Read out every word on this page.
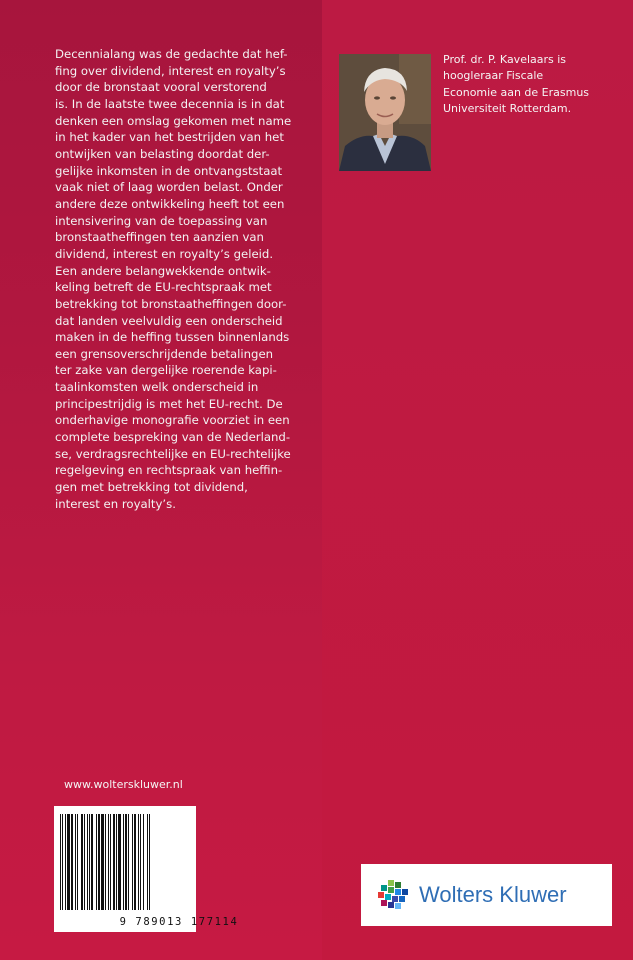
Decennialang was de gedachte dat hef-
fing over dividend, interest en royalty’s
door de bronstaat vooral verstorend
is. In de laatste twee decennia is in dat
denken een omslag gekomen met name
in het kader van het bestrijden van het
ontwijken van belasting doordat der-
gelijke inkomsten in de ontvangststaat
vaak niet of laag worden belast. Onder
andere deze ontwikkeling heeft tot een
intensivering van de toepassing van
bronstaatheffingen ten aanzien van
dividend, interest en royalty’s geleid.
Een andere belangwekkende ontwik-
keling betreft de EU-rechtspraak met
betrekking tot bronstaatheffingen door-
dat landen veelvuldig een onderscheid
maken in de heffing tussen binnenlands
een grensoverschrijdende betalingen
ter zake van dergelijke roerende kapi-
taalinkomsten welk onderscheid in
principestrijdig is met het EU-recht. De
onderhavige monografie voorziet in een
complete bespreking van de Nederland-
se, verdragsrechtelijke en EU-rechtelijke
regelgeving en rechtspraak van heffin-
gen met betrekking tot dividend,
interest en royalty’s.
Prof. dr. P. Kavelaars is
hoogleraar Fiscale
Economie aan de Erasmus
Universiteit Rotterdam.
www.wolterskluwer.nl
9 789013 177114
Wolters Kluwer
